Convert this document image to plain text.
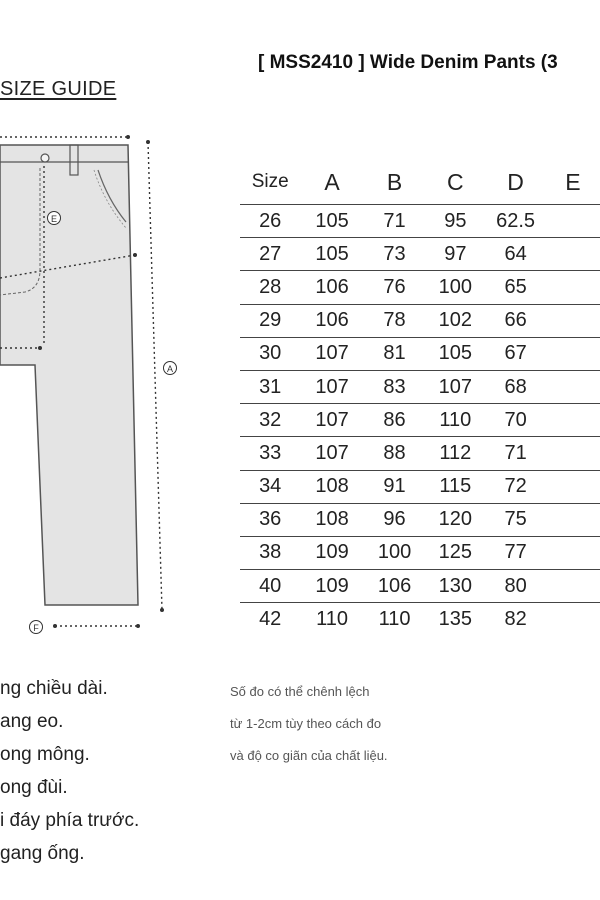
[ MSS2410 ] Wide Denim Pants (3
SIZE GUIDE
E
A
F
Size	A	B	C	D	E
26	105	71	95	62.5	
27	105	73	97	64	
28	106	76	100	65	
29	106	78	102	66	
30	107	81	105	67	
31	107	83	107	68	
32	107	86	110	70	
33	107	88	112	71	
34	108	91	115	72	
36	108	96	120	75	
38	109	100	125	77	
40	109	106	130	80	
42	110	110	135	82	
ng chiều dài.
ang eo.
ong mông.
ong đùi.
i đáy phía trước.
gang ống.
Số đo có thể chênh lệch
từ 1-2cm tùy theo cách đo
và độ co giãn của chất liệu.
